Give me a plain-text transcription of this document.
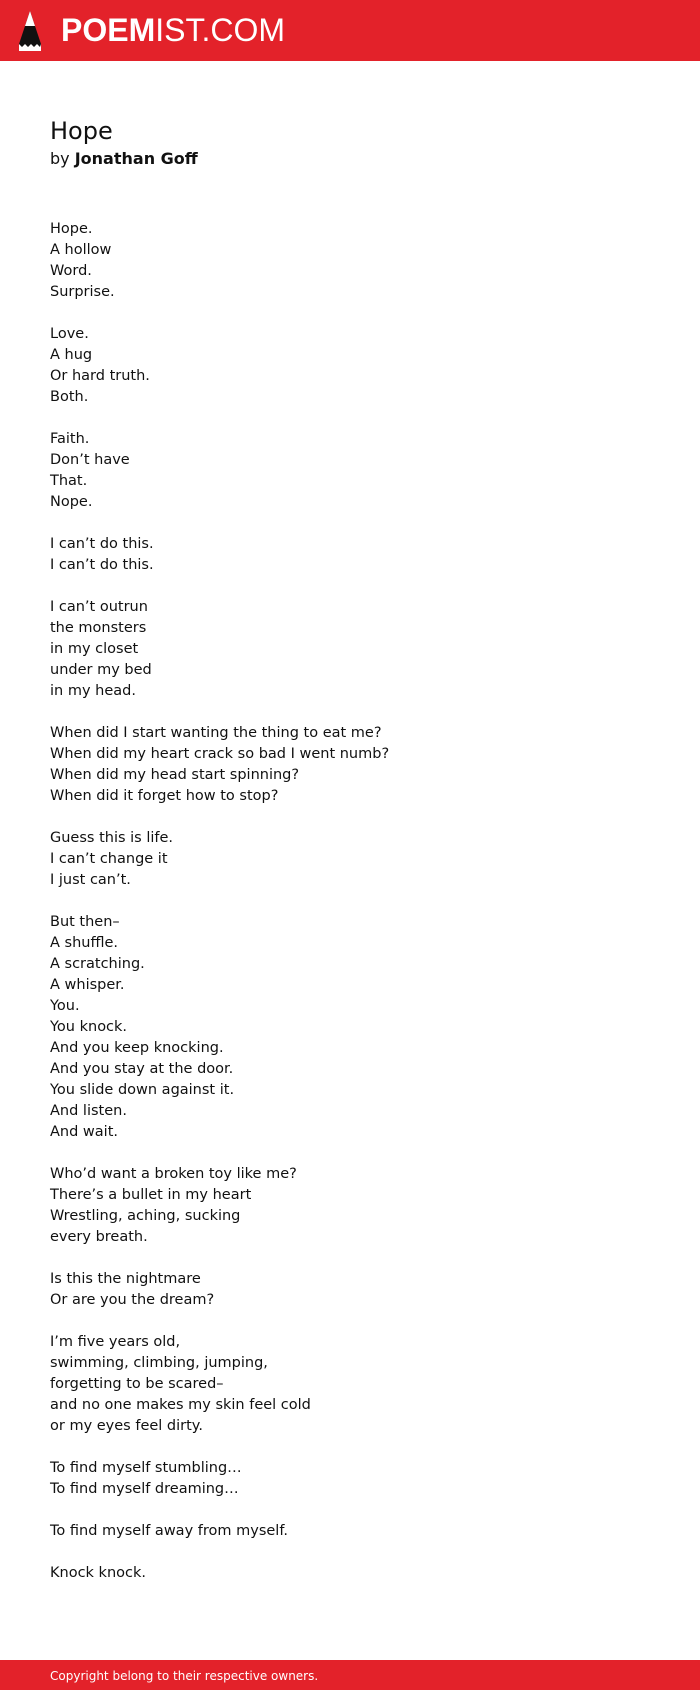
POEMIST.COM
Hope
by Jonathan Goff
Hope.
A hollow
Word.
Surprise.
Love.
A hug
Or hard truth.
Both.
Faith.
Don’t have
That.
Nope.
I can’t do this.
I can’t do this.
I can’t outrun
the monsters
in my closet
under my bed
in my head.
When did I start wanting the thing to eat me?
When did my heart crack so bad I went numb?
When did my head start spinning?
When did it forget how to stop?
Guess this is life.
I can’t change it
I just can’t.
But then–
A shuffle.
A scratching.
A whisper.
You.
You knock.
And you keep knocking.
And you stay at the door.
You slide down against it.
And listen.
And wait.
Who’d want a broken toy like me?
There’s a bullet in my heart
Wrestling, aching, sucking
every breath.
Is this the nightmare
Or are you the dream?
I’m five years old,
swimming, climbing, jumping,
forgetting to be scared–
and no one makes my skin feel cold
or my eyes feel dirty.
To find myself stumbling…
To find myself dreaming…
To find myself away from myself.
Knock knock.
Copyright belong to their respective owners.
